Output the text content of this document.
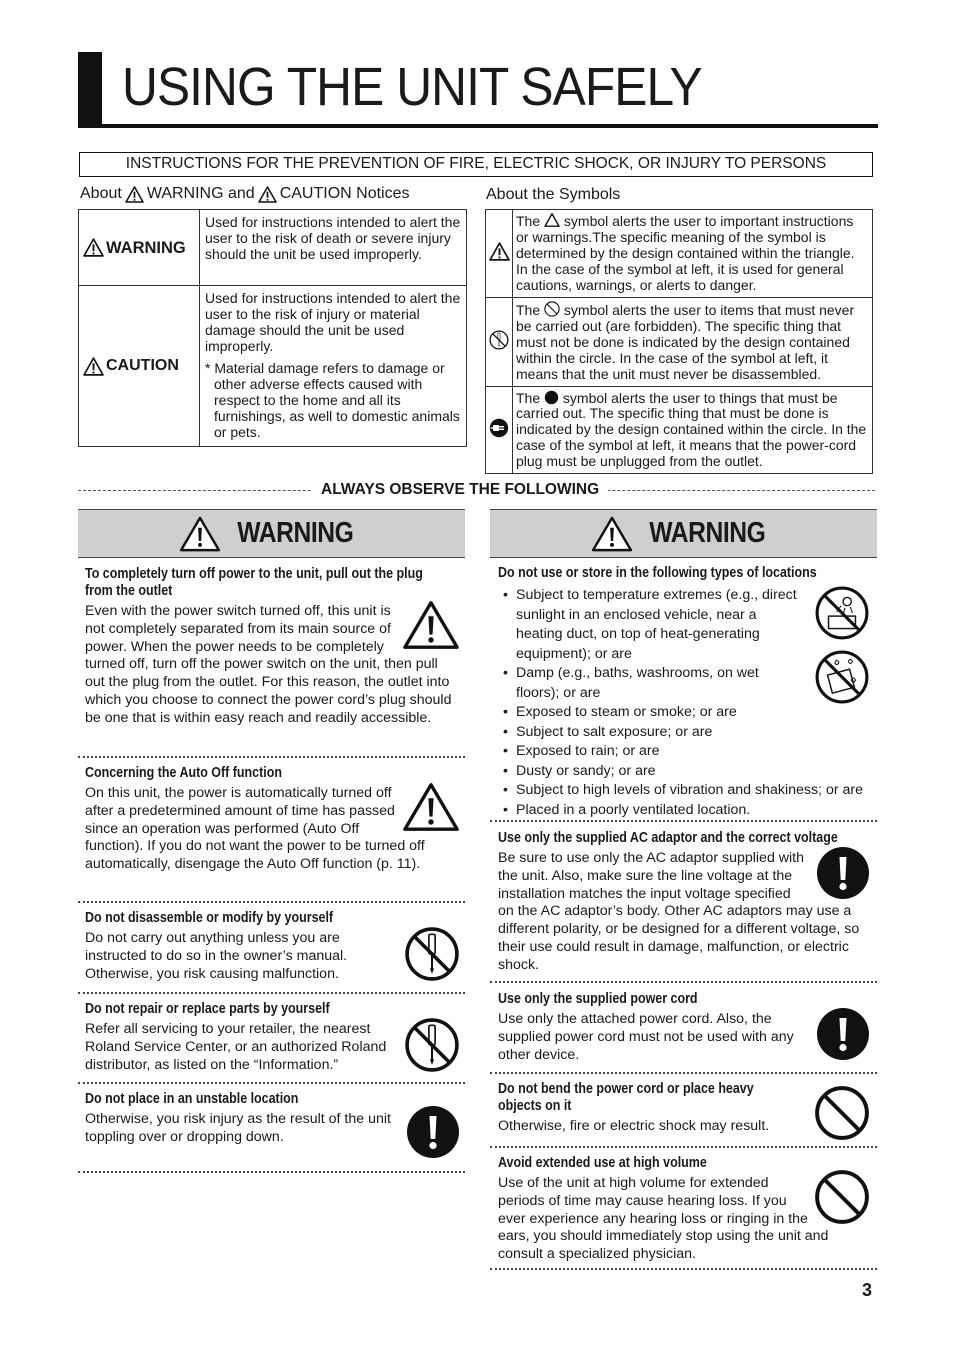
USING THE UNIT SAFELY
INSTRUCTIONS FOR THE PREVENTION OF FIRE, ELECTRIC SHOCK, OR INJURY TO PERSONS
About WARNING and CAUTION Notices
WARNING	Used for instructions intended to alert the user to the risk of death or severe injury should the unit be used improperly.

CAUTION	Used for instructions intended to alert the user to the risk of injury or material damage should the unit be used improperly.
* Material damage refers to damage or other adverse effects caused with respect to the home and all its furnishings, as well to domestic animals or pets.
About the Symbols
	The symbol alerts the user to important instructions or warnings.The specific meaning of the symbol is determined by the design contained within the triangle. In the case of the symbol at left, it is used for general cautions, warnings, or alerts to danger.
	The symbol alerts the user to items that must never be carried out (are forbidden). The specific thing that must not be done is indicated by the design contained within the circle. In the case of the symbol at left, it means that the unit must never be disassembled.
	The symbol alerts the user to things that must be carried out. The specific thing that must be done is indicated by the design contained within the circle. In the case of the symbol at left, it means that the power-cord plug must be unplugged from the outlet.
ALWAYS OBSERVE THE FOLLOWING
WARNING
To completely turn off power to the unit, pull out the plug
from the outlet

Even with the power switch turned off, this unit is not completely separated from its main source of power. When the power needs to be completely turned off, turn off the power switch on the unit, then pull out the plug from the outlet. For this reason, the outlet into which you choose to connect the power cord’s plug should be one that is within easy reach and readily accessible.

Concerning the Auto Off function

On this unit, the power is automatically turned off after a predetermined amount of time has passed since an operation was performed (Auto Off function). If you do not want the power to be turned off automatically, disengage the Auto Off function (p. 11).

Do not disassemble or modify by yourself

Do not carry out anything unless you are instructed to do so in the owner’s manual. Otherwise, you risk causing malfunction.

Do not repair or replace parts by yourself

Refer all servicing to your retailer, the nearest Roland Service Center, or an authorized Roland distributor, as listed on the “Information.”

Do not place in an unstable location

Otherwise, you risk injury as the result of the unit toppling over or dropping down.

WARNING
Do not use or store in the following types of locations
• Subject to temperature extremes (e.g., direct sunlight in an enclosed vehicle, near a heating duct, on top of heat-generating equipment); or are
• Damp (e.g., baths, washrooms, on wet floors); or are
• Exposed to steam or smoke; or are
• Subject to salt exposure; or are
• Exposed to rain; or are
• Dusty or sandy; or are
• Subject to high levels of vibration and shakiness; or are
• Placed in a poorly ventilated location.
Use only the supplied AC adaptor and the correct voltage

Be sure to use only the AC adaptor supplied with the unit. Also, make sure the line voltage at the installation matches the input voltage specified on the AC adaptor’s body. Other AC adaptors may use a different polarity, or be designed for a different voltage, so their use could result in damage, malfunction, or electric shock.

Use only the supplied power cord

Use only the attached power cord. Also, the supplied power cord must not be used with any other device.

Do not bend the power cord or place heavy
objects on it

Otherwise, fire or electric shock may result.

Avoid extended use at high volume

Use of the unit at high volume for extended periods of time may cause hearing loss. If you ever experience any hearing loss or ringing in the ears, you should immediately stop using the unit and consult a specialized physician.

3
